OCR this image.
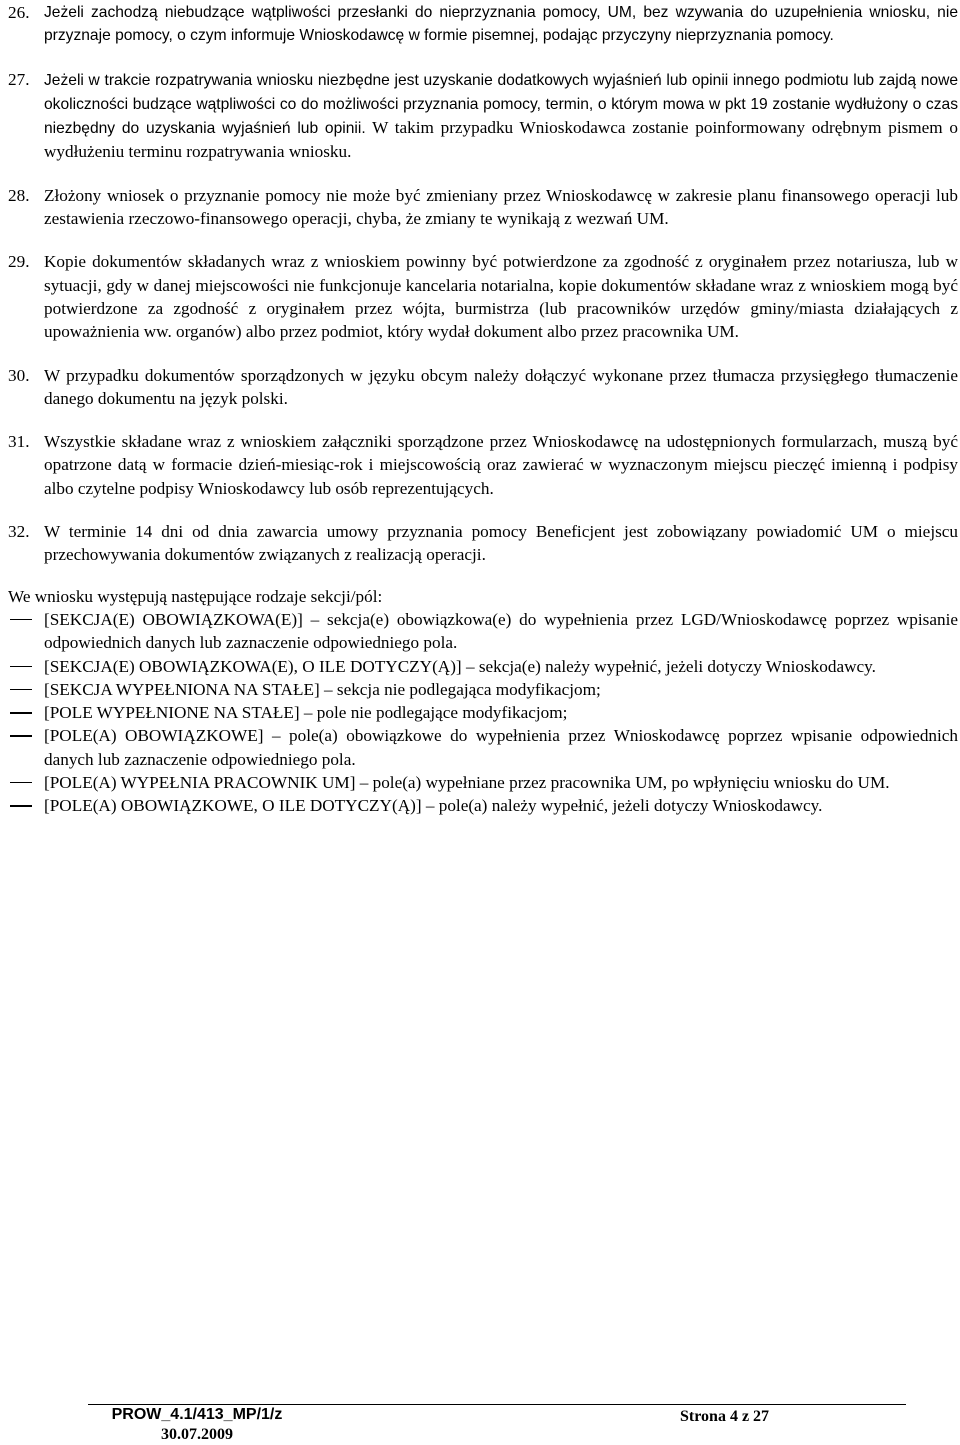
26. Jeżeli zachodzą niebudzące wątpliwości przesłanki do nieprzyznania pomocy, UM, bez wzywania do uzupełnienia wniosku, nie przyznaje pomocy, o czym informuje Wnioskodawcę w formie pisemnej, podając przyczyny nieprzyznania pomocy.
27. Jeżeli w trakcie rozpatrywania wniosku niezbędne jest uzyskanie dodatkowych wyjaśnień lub opinii innego podmiotu lub zajdą nowe okoliczności budzące wątpliwości co do możliwości przyznania pomocy, termin, o którym mowa w pkt 19 zostanie wydłużony o czas niezbędny do uzyskania wyjaśnień lub opinii. W takim przypadku Wnioskodawca zostanie poinformowany odrębnym pismem o wydłużeniu terminu rozpatrywania wniosku.
28. Złożony wniosek o przyznanie pomocy nie może być zmieniany przez Wnioskodawcę w zakresie planu finansowego operacji lub zestawienia rzeczowo-finansowego operacji, chyba, że zmiany te wynikają z wezwań UM.
29. Kopie dokumentów składanych wraz z wnioskiem powinny być potwierdzone za zgodność z oryginałem przez notariusza, lub w sytuacji, gdy w danej miejscowości nie funkcjonuje kancelaria notarialna, kopie dokumentów składane wraz z wnioskiem mogą być potwierdzone za zgodność z oryginałem przez wójta, burmistrza (lub pracowników urzędów gminy/miasta działających z upoważnienia ww. organów) albo przez podmiot, który wydał dokument albo przez pracownika UM.
30. W przypadku dokumentów sporządzonych w języku obcym należy dołączyć wykonane przez tłumacza przysięgłego tłumaczenie danego dokumentu na język polski.
31. Wszystkie składane wraz z wnioskiem załączniki sporządzone przez Wnioskodawcę na udostępnionych formularzach, muszą być opatrzone datą w formacie dzień-miesiąc-rok i miejscowością oraz zawierać w wyznaczonym miejscu pieczęć imienną i podpisy albo czytelne podpisy Wnioskodawcy lub osób reprezentujących.
32. W terminie 14 dni od dnia zawarcia umowy przyznania pomocy Beneficjent jest zobowiązany powiadomić UM o miejscu przechowywania dokumentów związanych z realizacją operacji.
We wniosku występują następujące rodzaje sekcji/pól:
[SEKCJA(E) OBOWIĄZKOWA(E)] – sekcja(e) obowiązkowa(e) do wypełnienia przez LGD/Wnioskodawcę poprzez wpisanie odpowiednich danych lub zaznaczenie odpowiedniego pola.
[SEKCJA(E) OBOWIĄZKOWA(E), O ILE DOTYCZY(Ą)] – sekcja(e) należy wypełnić, jeżeli dotyczy Wnioskodawcy.
[SEKCJA WYPEŁNIONA NA STAŁE] – sekcja nie podlegająca modyfikacjom;
[POLE WYPEŁNIONE NA STAŁE] – pole nie podlegające modyfikacjom;
[POLE(A) OBOWIĄZKOWE] – pole(a) obowiązkowe do wypełnienia przez Wnioskodawcę poprzez wpisanie odpowiednich danych lub zaznaczenie odpowiedniego pola.
[POLE(A) WYPEŁNIA PRACOWNIK UM] – pole(a) wypełniane przez pracownika UM, po wpłynięciu wniosku do UM.
[POLE(A) OBOWIĄZKOWE, O ILE DOTYCZY(Ą)] – pole(a) należy wypełnić, jeżeli dotyczy Wnioskodawcy.
PROW_4.1/413_MP/1/z
30.07.2009
Strona 4 z 27
